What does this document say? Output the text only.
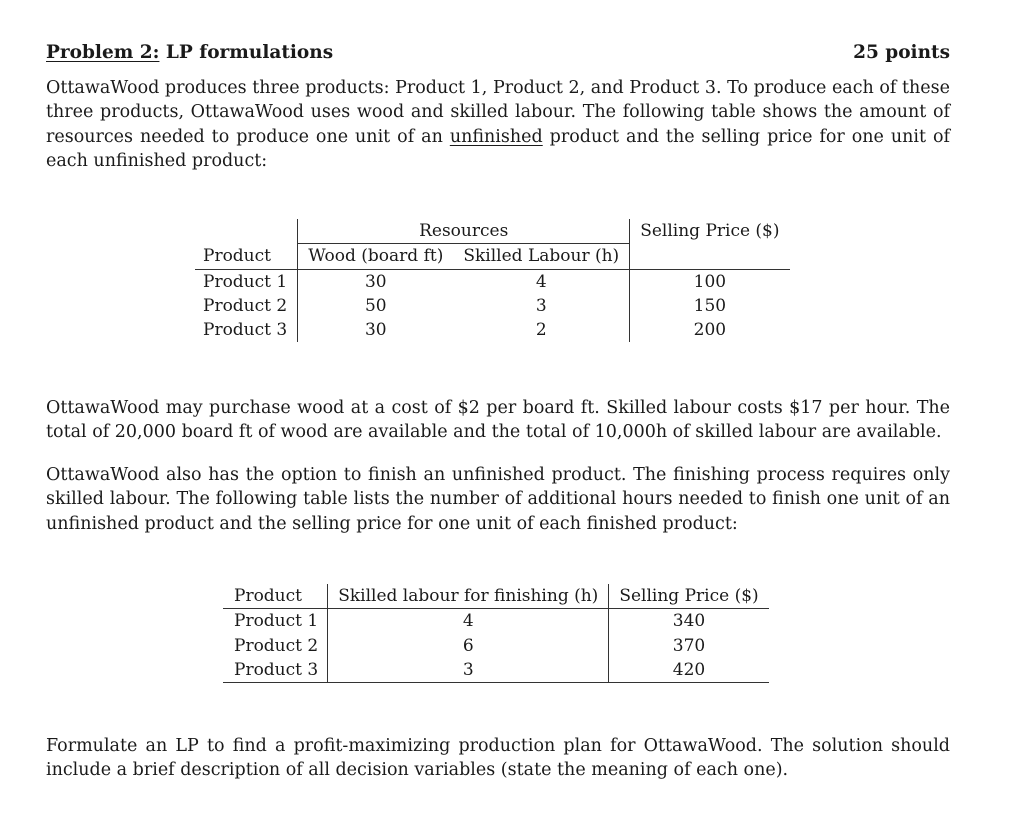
Problem 2: LP formulations	25 points

OttawaWood produces three products: Product 1, Product 2, and Product 3. To produce each of these three products, OttawaWood uses wood and skilled labour. The following table shows the amount of resources needed to produce one unit of an unfinished product and the selling price for one unit of each unfinished product:

	Resources		Selling Price ($)
Product	Wood (board ft)	Skilled Labour (h)	
Product 1	30	4	100
Product 2	50	3	150
Product 3	30	2	200

OttawaWood may purchase wood at a cost of $2 per board ft. Skilled labour costs $17 per hour. The total of 20,000 board ft of wood are available and the total of 10,000h of skilled labour are available.

OttawaWood also has the option to finish an unfinished product. The finishing process requires only skilled labour. The following table lists the number of additional hours needed to finish one unit of an unfinished product and the selling price for one unit of each finished product:

Product	Skilled labour for finishing (h)	Selling Price ($)
Product 1	4	340
Product 2	6	370
Product 3	3	420

Formulate an LP to find a profit-maximizing production plan for OttawaWood. The solution should include a brief description of all decision variables (state the meaning of each one).
